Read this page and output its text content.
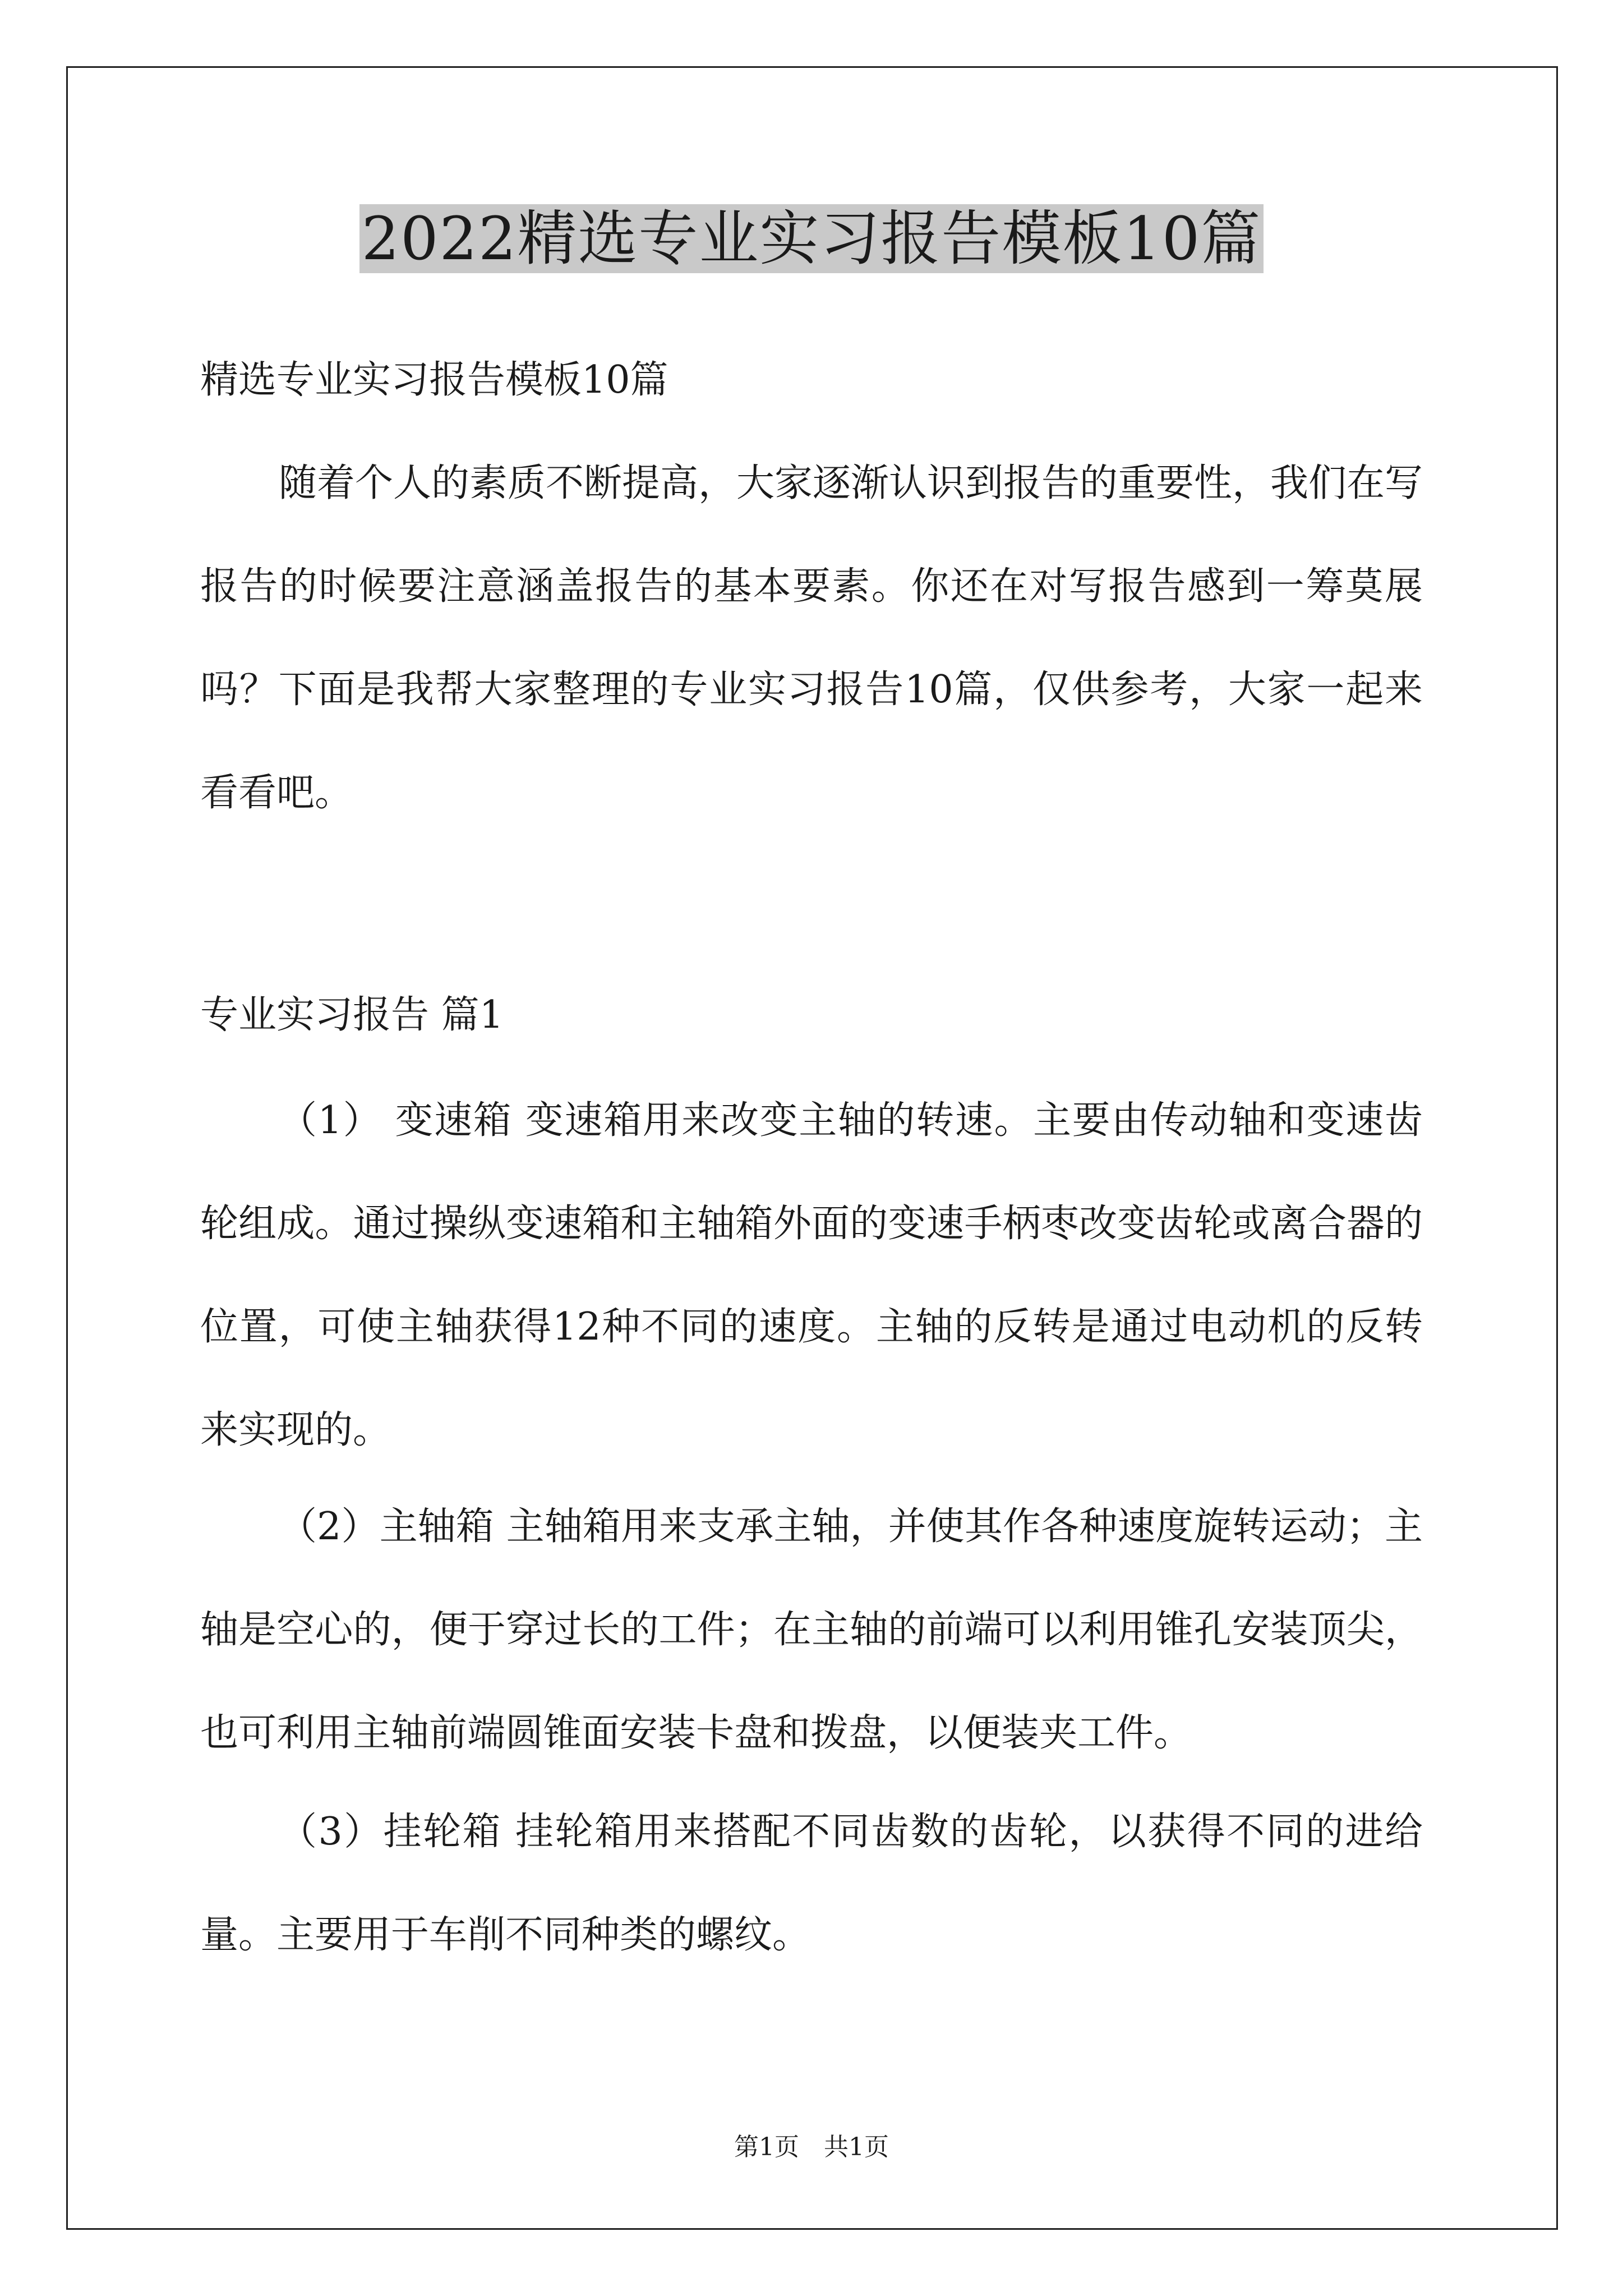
2022精选专业实习报告模板10篇

精选专业实习报告模板10篇

随着个人的素质不断提高，大家逐渐认识到报告的重要性，我们在写报告的时候要注意涵盖报告的基本要素。你还在对写报告感到一筹莫展吗？下面是我帮大家整理的专业实习报告10篇，仅供参考，大家一起来看看吧。

专业实习报告 篇1

（1） 变速箱 变速箱用来改变主轴的转速。主要由传动轴和变速齿轮组成。通过操纵变速箱和主轴箱外面的变速手柄枣改变齿轮或离合器的位置，可使主轴获得12种不同的速度。主轴的反转是通过电动机的反转来实现的。

（2）主轴箱 主轴箱用来支承主轴，并使其作各种速度旋转运动；主轴是空心的，便于穿过长的工件；在主轴的前端可以利用锥孔安装顶尖，也可利用主轴前端圆锥面安装卡盘和拨盘，以便装夹工件。

（3）挂轮箱 挂轮箱用来搭配不同齿数的齿轮，以获得不同的进给量。主要用于车削不同种类的螺纹。

第1页　共1页
